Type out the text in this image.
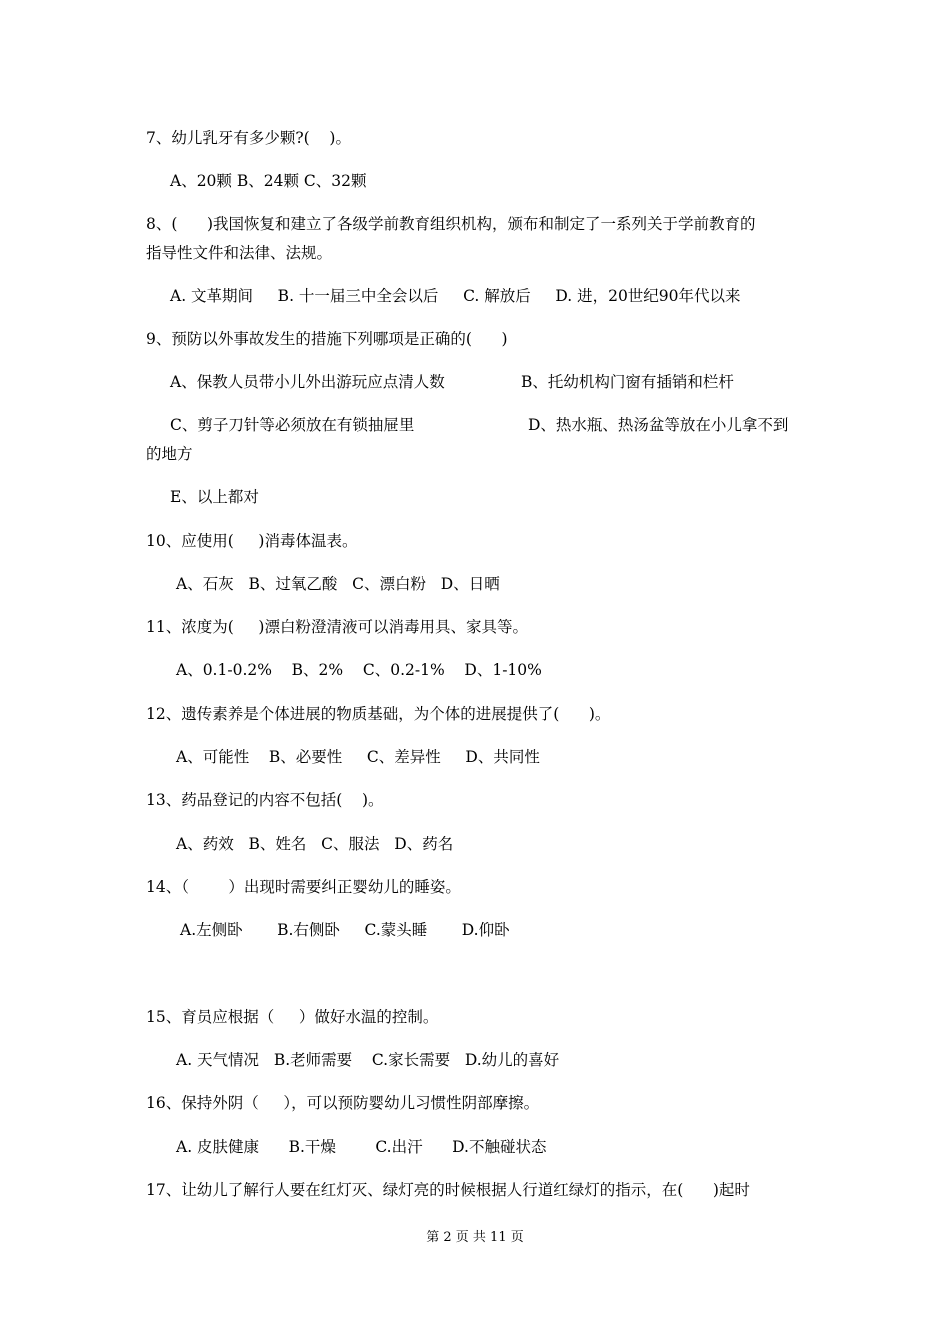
7、幼儿乳牙有多少颗?(    )。
A、20颗 B、24颗 C、32颗
8、(      )我国恢复和建立了各级学前教育组织机构，颁布和制定了一系列关于学前教育的
指导性文件和法律、法规。
A. 文革期间     B. 十一届三中全会以后     C. 解放后     D. 进，20世纪90年代以来
9、预防以外事故发生的措施下列哪项是正确的(      )
A、保教人员带小儿外出游玩应点清人数	B、托幼机构门窗有插销和栏杆
C、剪子刀针等必须放在有锁抽屉里	D、热水瓶、热汤盆等放在小儿拿不到
的地方
E、以上都对
10、应使用(     )消毒体温表。
A、石灰   B、过氧乙酸   C、漂白粉   D、日晒
11、浓度为(     )漂白粉澄清液可以消毒用具、家具等。
A、0.1-0.2%    B、2%    C、0.2-1%    D、1-10%
12、遗传素养是个体进展的物质基础，为个体的进展提供了(      )。
A、可能性    B、必要性     C、差异性     D、共同性
13、药品登记的内容不包括(    )。
A、药效   B、姓名   C、服法   D、药名
14、（        ）出现时需要纠正婴幼儿的睡姿。
A.左侧卧       B.右侧卧     C.蒙头睡       D.仰卧
15、育员应根据（     ）做好水温的控制。
A. 天气情况   B.老师需要    C.家长需要   D.幼儿的喜好
16、保持外阴（     ），可以预防婴幼儿习惯性阴部摩擦。
A. 皮肤健康      B.干燥        C.出汗      D.不触碰状态
17、让幼儿了解行人要在红灯灭、绿灯亮的时候根据人行道红绿灯的指示，在(      )起时
第 2 页 共 11 页
